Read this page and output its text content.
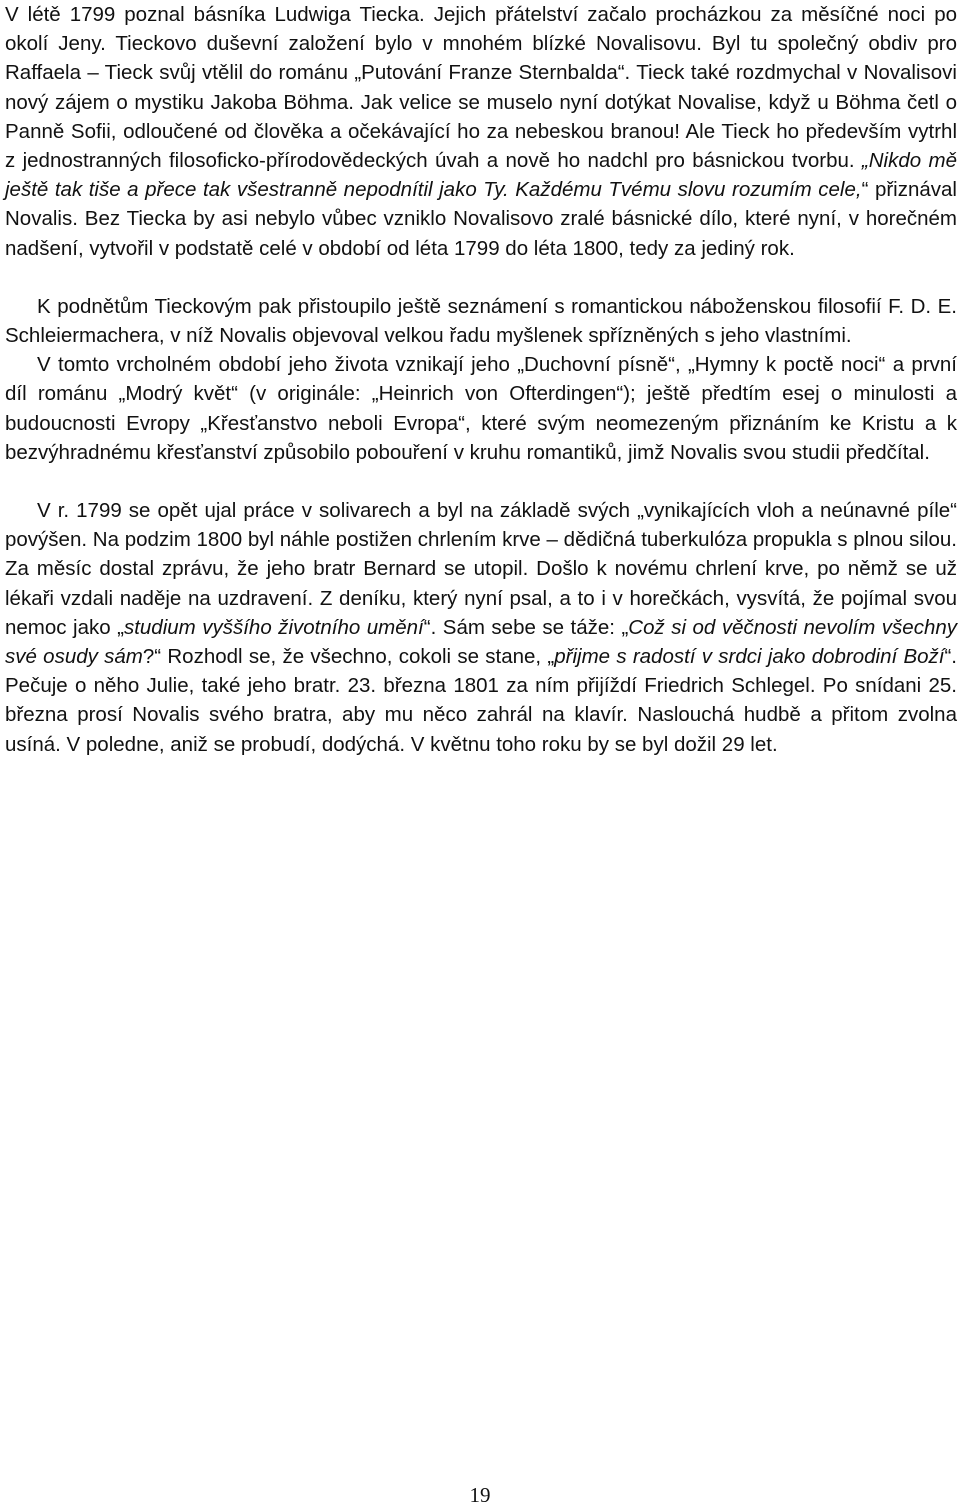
V létě 1799 poznal básníka Ludwiga Tiecka. Jejich přátelství začalo procházkou za měsíčné noci po okolí Jeny. Tieckovo duševní založení bylo v mnohém blízké Novalisovu. Byl tu společný obdiv pro Raffaela – Tieck svůj vtělil do románu „Putování Franze Sternbalda“. Tieck také rozdmychal v Novalisovi nový zájem o mystiku Jakoba Böhma. Jak velice se muselo nyní dotýkat Novalise, když u Böhma četl o Panně Sofii, odloučené od člověka a očekávající ho za nebeskou branou! Ale Tieck ho především vytrhl z jednostranných filosoficko-přírodovědeckých úvah a nově ho nadchl pro básnickou tvorbu. „Nikdo mě ještě tak tiše a přece tak všestranně nepodnítil jako Ty. Každému Tvému slovu rozumím cele,“ přiznával Novalis. Bez Tiecka by asi nebylo vůbec vzniklo Novalisovo zralé básnické dílo, které nyní, v horečném nadšení, vytvořil v podstatě celé v období od léta 1799 do léta 1800, tedy za jediný rok.

K podnětům Tieckovým pak přistoupilo ještě seznámení s romantickou náboženskou filosofií F. D. E. Schleiermachera, v níž Novalis objevoval velkou řadu myšlenek spřízněných s jeho vlastními.

V tomto vrcholném období jeho života vznikají jeho „Duchovní písně“, „Hymny k poctě noci“ a první díl románu „Modrý květ“ (v originále: „Heinrich von Ofterdingen“); ještě předtím esej o minulosti a budoucnosti Evropy „Křesťanstvo neboli Evropa“, které svým neomezeným přiznáním ke Kristu a k bezvýhradnému křesťanství způsobilo pobouření v kruhu romantiků, jimž Novalis svou studii předčítal.

V r. 1799 se opět ujal práce v solivarech a byl na základě svých „vynikajících vloh a neúnavné píle“ povýšen. Na podzim 1800 byl náhle postižen chrlením krve – dědičná tuberkulóza propukla s plnou silou. Za měsíc dostal zprávu, že jeho bratr Bernard se utopil. Došlo k novému chrlení krve, po němž se už lékaři vzdali naděje na uzdravení. Z deníku, který nyní psal, a to i v horečkách, vysvítá, že pojímal svou nemoc jako „studium vyššího životního umění“. Sám sebe se táže: „Což si od věčnosti nevolím všechny své osudy sám?“ Rozhodl se, že všechno, cokoli se stane, „přijme s radostí v srdci jako dobrodiní Boží“. Pečuje o něho Julie, také jeho bratr. 23. března 1801 za ním přijíždí Friedrich Schlegel. Po snídani 25. března prosí Novalis svého bratra, aby mu něco zahrál na klavír. Naslouchá hudbě a přitom zvolna usíná. V poledne, aniž se probudí, dodýchá. V květnu toho roku by se byl dožil 29 let.

19
